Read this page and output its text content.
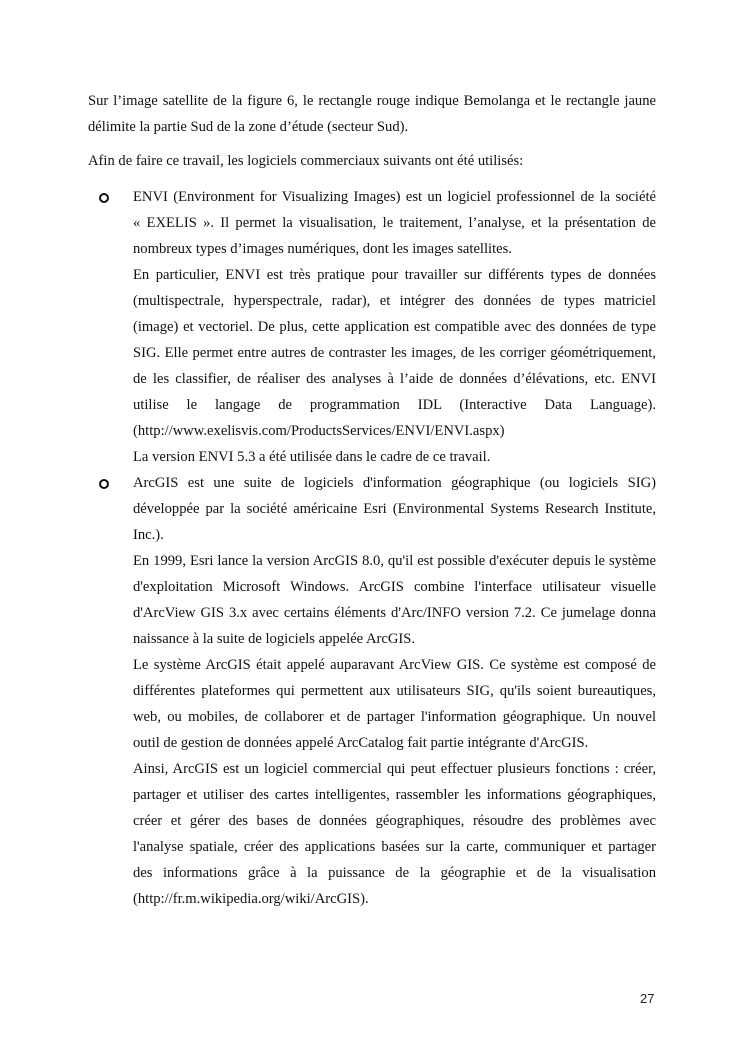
Sur l’image satellite de la figure 6, le rectangle rouge indique Bemolanga et le rectangle jaune
délimite la partie Sud de la zone d’étude (secteur Sud).

Afin de faire ce travail, les logiciels commerciaux suivants ont été utilisés:

ENVI (Environment for Visualizing Images) est un logiciel professionnel de la société
« EXELIS ». Il permet la visualisation, le traitement, l’analyse, et la présentation de
nombreux types d’images numériques, dont les images satellites.
En particulier, ENVI est très pratique pour travailler sur différents types de données
(multispectrale, hyperspectrale, radar), et intégrer des données de types matriciel
(image) et vectoriel. De plus, cette application est compatible avec des données de type
SIG. Elle permet entre autres de contraster les images, de les corriger géométriquement,
de les classifier, de réaliser des analyses à l’aide de données d’élévations, etc. ENVI
utilise le langage de programmation IDL (Interactive Data Language).
(http://www.exelisvis.com/ProductsServices/ENVI/ENVI.aspx)
La version ENVI 5.3 a été utilisée dans le cadre de ce travail.
ArcGIS est une suite de logiciels d'information géographique (ou logiciels SIG)
développée par la société américaine Esri (Environmental Systems Research Institute,
Inc.).
En 1999, Esri lance la version ArcGIS 8.0, qu'il est possible d'exécuter depuis le système
d'exploitation Microsoft Windows. ArcGIS combine l'interface utilisateur visuelle
d'ArcView GIS 3.x avec certains éléments d'Arc/INFO version 7.2. Ce jumelage donna
naissance à la suite de logiciels appelée ArcGIS.
Le système ArcGIS était appelé auparavant ArcView GIS. Ce système est composé de
différentes plateformes qui permettent aux utilisateurs SIG, qu'ils soient bureautiques,
web, ou mobiles, de collaborer et de partager l'information géographique. Un nouvel
outil de gestion de données appelé ArcCatalog fait partie intégrante d'ArcGIS.
Ainsi, ArcGIS est un logiciel commercial qui peut effectuer plusieurs fonctions : créer,
partager et utiliser des cartes intelligentes, rassembler les informations géographiques,
créer et gérer des bases de données géographiques, résoudre des problèmes avec
l'analyse spatiale, créer des applications basées sur la carte, communiquer et partager
des informations grâce à la puissance de la géographie et de la visualisation
(http://fr.m.wikipedia.org/wiki/ArcGIS).
27
